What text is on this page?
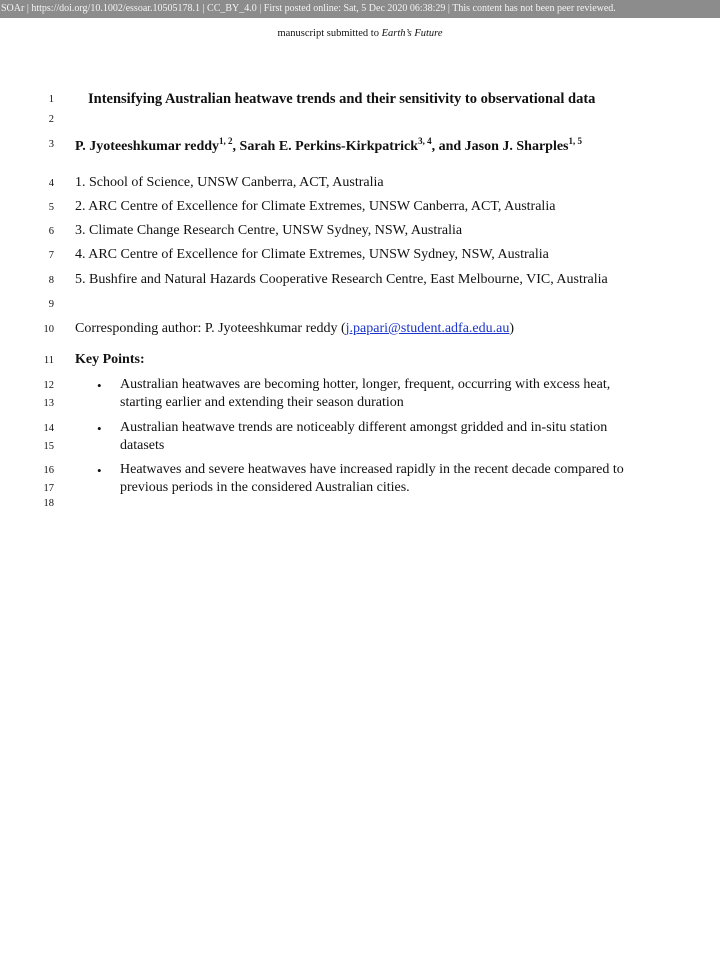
SOAr | https://doi.org/10.1002/essoar.10505178.1 | CC_BY_4.0 | First posted online: Sat, 5 Dec 2020 06:38:29 | This content has not been peer reviewed.
manuscript submitted to Earth’s Future
1
2
3
4
5
6
7
8
9
10
11
12
13
14
15
16
17
18
Intensifying Australian heatwave trends and their sensitivity to observational data
P. Jyoteeshkumar reddy$^{1, 2}$, Sarah E. Perkins-Kirkpatrick$^{3, 4}$, and Jason J. Sharples$^{1, 5}$
1. School of Science, UNSW Canberra, ACT, Australia
2. ARC Centre of Excellence for Climate Extremes, UNSW Canberra, ACT, Australia
3. Climate Change Research Centre, UNSW Sydney, NSW, Australia
4. ARC Centre of Excellence for Climate Extremes, UNSW Sydney, NSW, Australia
5. Bushfire and Natural Hazards Cooperative Research Centre, East Melbourne, VIC, Australia
Corresponding author: P. Jyoteeshkumar reddy (j.papari@student.adfa.edu.au)
Key Points:
• Australian heatwaves are becoming hotter, longer, frequent, occurring with excess heat,
starting earlier and extending their season duration
• Australian heatwave trends are noticeably different amongst gridded and in-situ station
datasets
• Heatwaves and severe heatwaves have increased rapidly in the recent decade compared to
previous periods in the considered Australian cities.
